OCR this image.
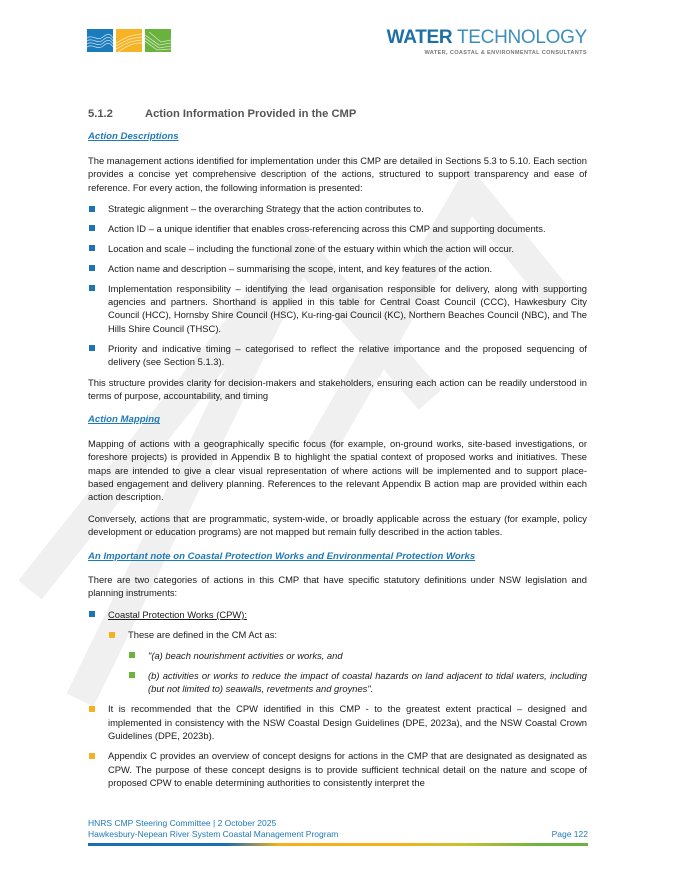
WATER TECHNOLOGY
WATER, COASTAL & ENVIRONMENTAL CONSULTANTS
5.1.2	Action Information Provided in the CMP
Action Descriptions

The management actions identified for implementation under this CMP are detailed in Sections 5.3 to 5.10. Each section provides a concise yet comprehensive description of the actions, structured to support transparency and ease of reference. For every action, the following information is presented:

Strategic alignment – the overarching Strategy that the action contributes to.
Action ID – a unique identifier that enables cross-referencing across this CMP and supporting documents.
Location and scale – including the functional zone of the estuary within which the action will occur.
Action name and description – summarising the scope, intent, and key features of the action.
Implementation responsibility – identifying the lead organisation responsible for delivery, along with supporting agencies and partners. Shorthand is applied in this table for Central Coast Council (CCC), Hawkesbury City Council (HCC), Hornsby Shire Council (HSC), Ku-ring-gai Council (KC), Northern Beaches Council (NBC), and The Hills Shire Council (THSC).
Priority and indicative timing – categorised to reflect the relative importance and the proposed sequencing of delivery (see Section 5.1.3).

This structure provides clarity for decision-makers and stakeholders, ensuring each action can be readily understood in terms of purpose, accountability, and timing

Action Mapping

Mapping of actions with a geographically specific focus (for example, on-ground works, site-based investigations, or foreshore projects) is provided in Appendix B to highlight the spatial context of proposed works and initiatives. These maps are intended to give a clear visual representation of where actions will be implemented and to support place-based engagement and delivery planning. References to the relevant Appendix B action map are provided within each action description.

Conversely, actions that are programmatic, system-wide, or broadly applicable across the estuary (for example, policy development or education programs) are not mapped but remain fully described in the action tables.

An Important note on Coastal Protection Works and Environmental Protection Works

There are two categories of actions in this CMP that have specific statutory definitions under NSW legislation and planning instruments:

Coastal Protection Works (CPW):
These are defined in the CM Act as:
"(a) beach nourishment activities or works, and
(b) activities or works to reduce the impact of coastal hazards on land adjacent to tidal waters, including (but not limited to) seawalls, revetments and groynes".
It is recommended that the CPW identified in this CMP - to the greatest extent practical – designed and implemented in consistency with the NSW Coastal Design Guidelines (DPE, 2023a), and the NSW Coastal Crown Guidelines (DPE, 2023b).
Appendix C provides an overview of concept designs for actions in the CMP that are designated as designated as CPW. The purpose of these concept designs is to provide sufficient technical detail on the nature and scope of proposed CPW to enable determining authorities to consistently interpret the
HNRS CMP Steering Committee | 2 October 2025
Hawkesbury-Nepean River System Coastal Management Program	Page 122
